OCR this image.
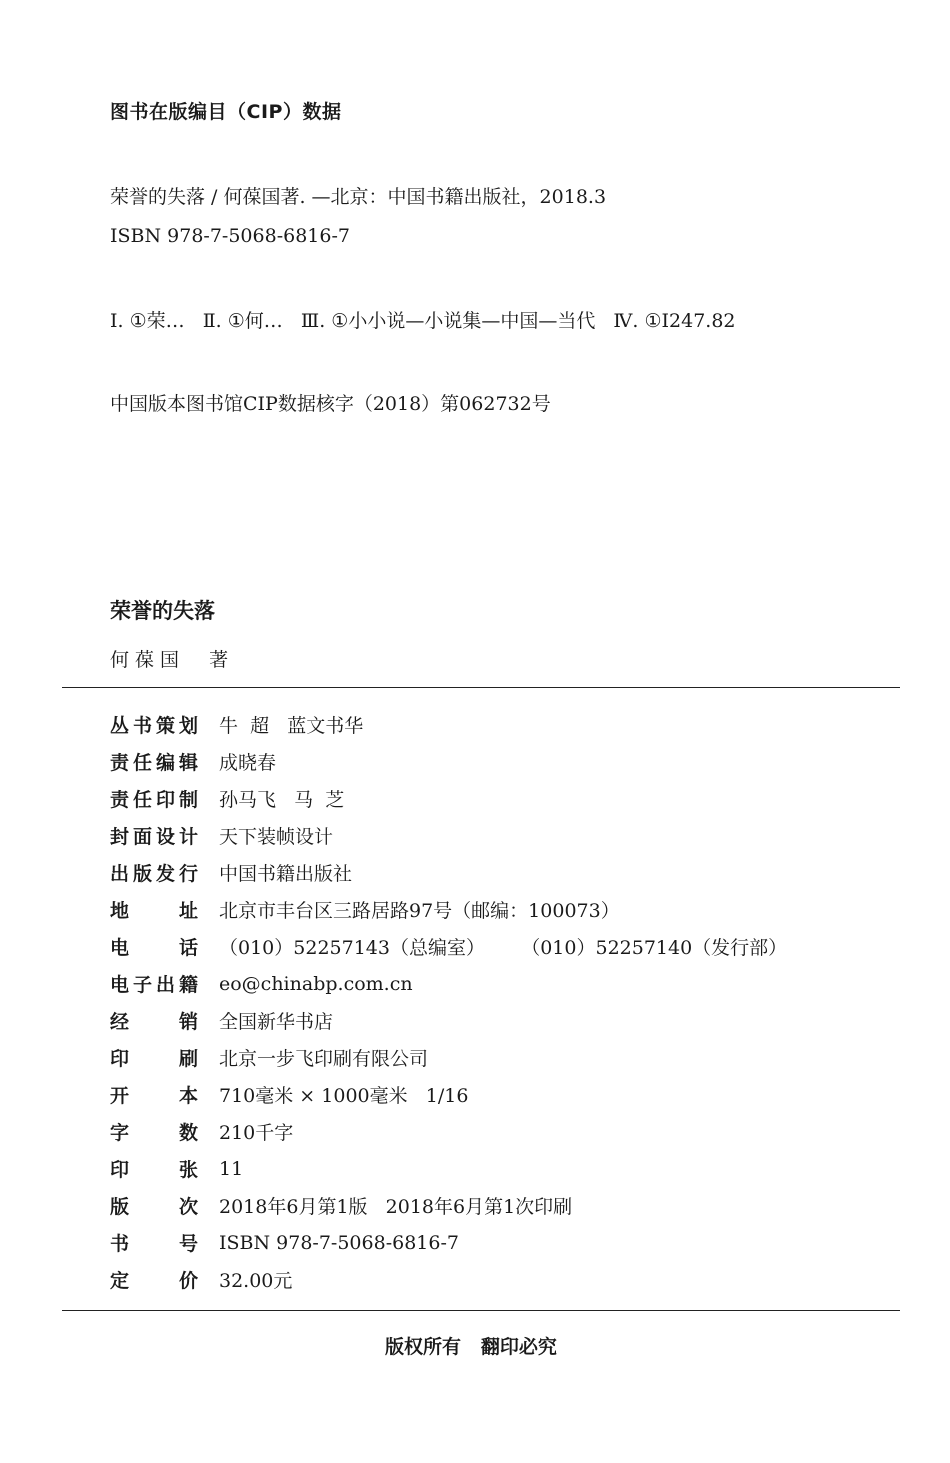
图书在版编目（CIP）数据
荣誉的失落 / 何葆国著. —北京：中国书籍出版社，2018.3
ISBN 978-7-5068-6816-7
Ⅰ. ①荣…   Ⅱ. ①何…   Ⅲ. ①小小说—小说集—中国—当代   Ⅳ. ①I247.82
中国版本图书馆CIP数据核字（2018）第062732号
荣誉的失落
何葆国  著
丛 书 策 划 牛  超   蓝文书华
责 任 编 辑 成晓春
责 任 印 制 孙马飞   马  芝
封 面 设 计 天下装帧设计
出 版 发 行 中国书籍出版社
地	址 北京市丰台区三路居路97号（邮编：100073）
电	话 （010）52257143（总编室）      （010）52257140（发行部）
电 子 出 籍 eo@chinabp.com.cn
经	销 全国新华书店
印	刷 北京一步飞印刷有限公司
开	本 710毫米 × 1000毫米   1/16
字	数 210千字
印	张 11
版	次 2018年6月第1版   2018年6月第1次印刷
书	号 ISBN 978-7-5068-6816-7
定	价 32.00元
版权所有   翻印必究
